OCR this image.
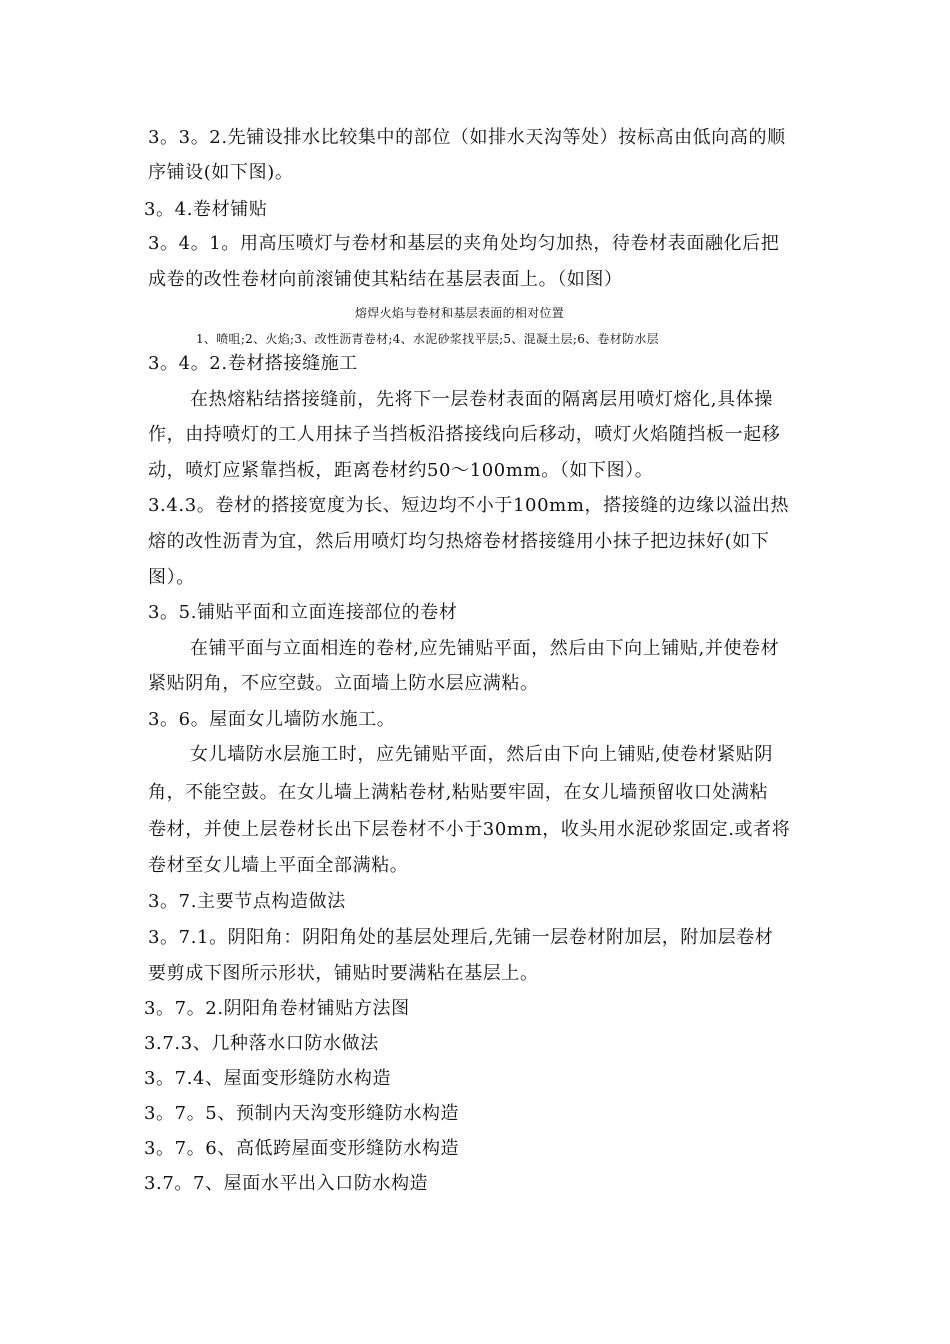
3。3。2.先铺设排水比较集中的部位（如排水天沟等处）按标高由低向高的顺
序铺设(如下图)。
3。4.卷材铺贴
3。4。1。用高压喷灯与卷材和基层的夹角处均匀加热，待卷材表面融化后把
成卷的改性卷材向前滚铺使其粘结在基层表面上。（如图）
熔焊火焰与卷材和基层表面的相对位置
1、喷咀;2、火焰;3、改性沥青卷材;4、水泥砂浆找平层;5、混凝土层;6、卷材防水层
3。4。2.卷材搭接缝施工
在热熔粘结搭接缝前，先将下一层卷材表面的隔离层用喷灯熔化,具体操
作，由持喷灯的工人用抹子当挡板沿搭接线向后移动，喷灯火焰随挡板一起移
动，喷灯应紧靠挡板，距离卷材约50～100mm。（如下图）。
3.4.3。卷材的搭接宽度为长、短边均不小于100mm，搭接缝的边缘以溢出热
熔的改性沥青为宜，然后用喷灯均匀热熔卷材搭接缝用小抹子把边抹好(如下
图）。
3。5.铺贴平面和立面连接部位的卷材
在铺平面与立面相连的卷材,应先铺贴平面，然后由下向上铺贴,并使卷材
紧贴阴角，不应空鼓。立面墙上防水层应满粘。
3。6。屋面女儿墙防水施工。
女儿墙防水层施工时，应先铺贴平面，然后由下向上铺贴,使卷材紧贴阴
角，不能空鼓。在女儿墙上满粘卷材,粘贴要牢固，在女儿墙预留收口处满粘
卷材，并使上层卷材长出下层卷材不小于30mm，收头用水泥砂浆固定.或者将
卷材至女儿墙上平面全部满粘。
3。7.主要节点构造做法
3。7.1。阴阳角：阴阳角处的基层处理后,先铺一层卷材附加层，附加层卷材
要剪成下图所示形状，铺贴时要满粘在基层上。
3。7。2.阴阳角卷材铺贴方法图
3.7.3、几种落水口防水做法
3。7.4、屋面变形缝防水构造
3。7。5、预制内天沟变形缝防水构造
3。7。6、高低跨屋面变形缝防水构造
3.7。7、屋面水平出入口防水构造
